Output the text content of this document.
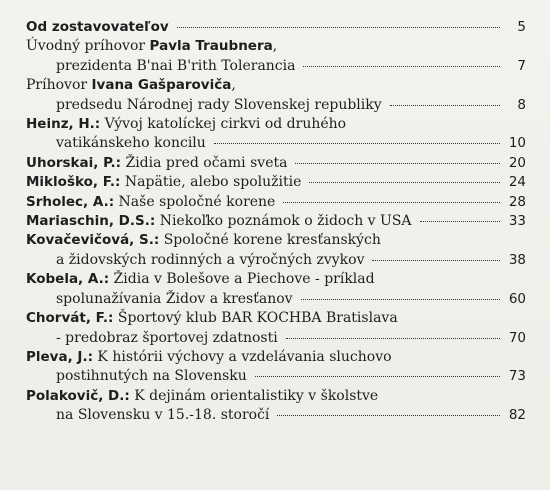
Od zostavovateľov	5
Úvodný príhovor Pavla Traubnera,
prezidenta B'nai B'rith Tolerancia	7
Príhovor Ivana Gašparoviča,
predsedu Národnej rady Slovenskej republiky	8
Heinz, H.: Vývoj katolíckej cirkvi od druhého
vatikánskeho koncilu	10
Uhorskai, P.: Židia pred očami sveta	20
Mikloško, F.: Napätie, alebo spolužitie	24
Srholec, A.: Naše spoločné korene	28
Mariaschin, D.S.: Niekoľko poznámok o židoch v USA	33
Kovačevičová, S.: Spoločné korene kresťanských
a židovských rodinných a výročných zvykov	38
Kobela, A.: Židia v Bolešove a Piechove - príklad
spolunažívania Židov a kresťanov	60
Chorvát, F.: Športový klub BAR KOCHBA Bratislava
- predobraz športovej zdatnosti	70
Pleva, J.: K histórii výchovy a vzdelávania sluchovo
postihnutých na Slovensku	73
Polakovič, D.: K dejinám orientalistiky v školstve
na Slovensku v 15.-18. storočí	82
